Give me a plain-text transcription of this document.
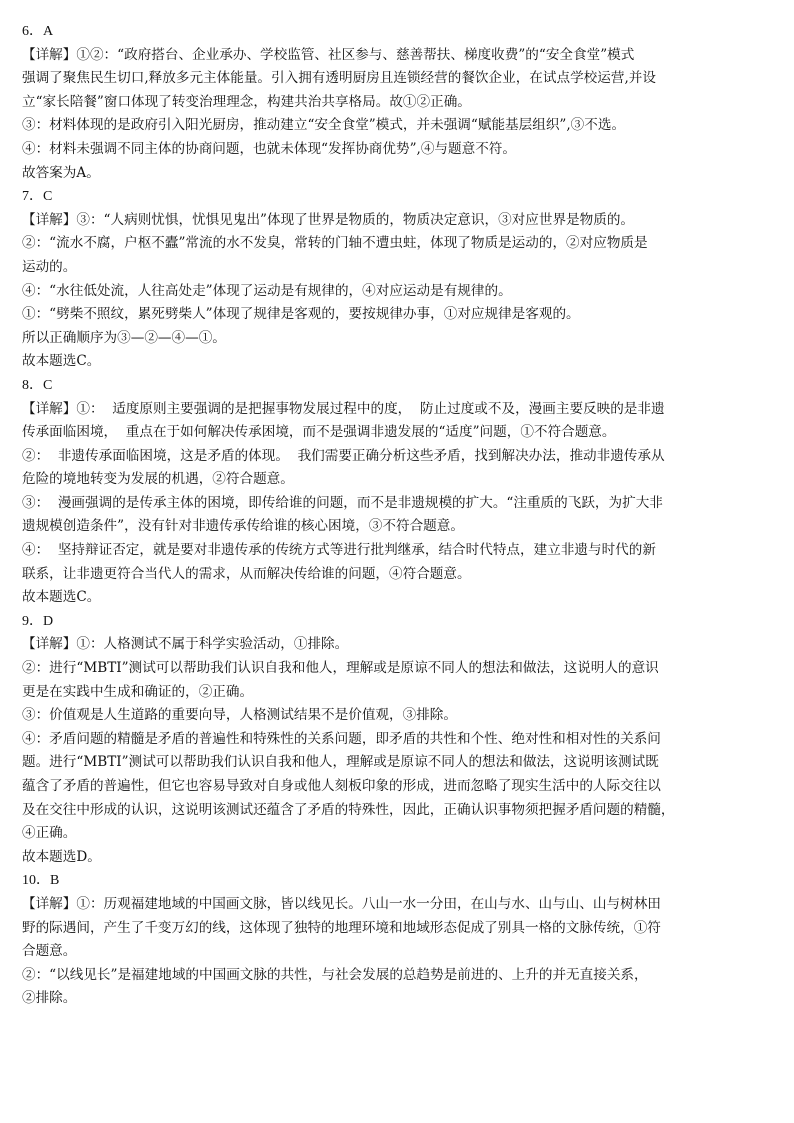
6．A
【详解】①②：“政府搭台、企业承办、学校监管、社区参与、慈善帮扶、梯度收费”的“安全食堂”模式
强调了聚焦民生切口,释放多元主体能量。引入拥有透明厨房且连锁经营的餐饮企业，在试点学校运营,并设
立“家长陪餐”窗口体现了转变治理理念，构建共治共享格局。故①②正确。
③：材料体现的是政府引入阳光厨房，推动建立“安全食堂”模式，并未强调“赋能基层组织”,③不选。
④：材料未强调不同主体的协商问题，也就未体现“发挥协商优势”,④与题意不符。
故答案为A。
7．C
【详解】③：“人病则忧惧，忧惧见鬼出”体现了世界是物质的，物质决定意识，③对应世界是物质的。
②：“流水不腐，户枢不蠹”常流的水不发臭，常转的门轴不遭虫蛀，体现了物质是运动的，②对应物质是
运动的。
④：“水往低处流，人往高处走”体现了运动是有规律的，④对应运动是有规律的。
①：“劈柴不照纹，累死劈柴人”体现了规律是客观的，要按规律办事，①对应规律是客观的。
所以正确顺序为③—②—④—①。
故本题选C。
8．C
【详解】①：  适度原则主要强调的是把握事物发展过程中的度，  防止过度或不及，漫画主要反映的是非遗
传承面临困境，  重点在于如何解决传承困境，而不是强调非遗发展的“适度”问题，①不符合题意。
②：  非遗传承面临困境，这是矛盾的体现。  我们需要正确分析这些矛盾，找到解决办法，推动非遗传承从
危险的境地转变为发展的机遇，②符合题意。
③：  漫画强调的是传承主体的困境，即传给谁的问题，而不是非遗规模的扩大。“注重质的飞跃，为扩大非
遗规模创造条件”，没有针对非遗传承传给谁的核心困境，③不符合题意。
④：  坚持辩证否定，就是要对非遗传承的传统方式等进行批判继承，结合时代特点，建立非遗与时代的新
联系，让非遗更符合当代人的需求，从而解决传给谁的问题，④符合题意。
故本题选C。
9．D
【详解】①：人格测试不属于科学实验活动，①排除。
②：进行“MBTI”测试可以帮助我们认识自我和他人，理解或是原谅不同人的想法和做法，这说明人的意识
更是在实践中生成和确证的，②正确。
③：价值观是人生道路的重要向导，人格测试结果不是价值观，③排除。
④：矛盾问题的精髓是矛盾的普遍性和特殊性的关系问题，即矛盾的共性和个性、绝对性和相对性的关系问
题。进行“MBTI”测试可以帮助我们认识自我和他人，理解或是原谅不同人的想法和做法，这说明该测试既
蕴含了矛盾的普遍性，但它也容易导致对自身或他人刻板印象的形成，进而忽略了现实生活中的人际交往以
及在交往中形成的认识，这说明该测试还蕴含了矛盾的特殊性，因此，正确认识事物须把握矛盾问题的精髓，
④正确。
故本题选D。
10．B
【详解】①：历观福建地域的中国画文脉，皆以线见长。八山一水一分田，在山与水、山与山、山与树林田
野的际遇间，产生了千变万幻的线，这体现了独特的地理环境和地域形态促成了别具一格的文脉传统，①符
合题意。
②：“以线见长”是福建地域的中国画文脉的共性，与社会发展的总趋势是前进的、上升的并无直接关系，
②排除。
